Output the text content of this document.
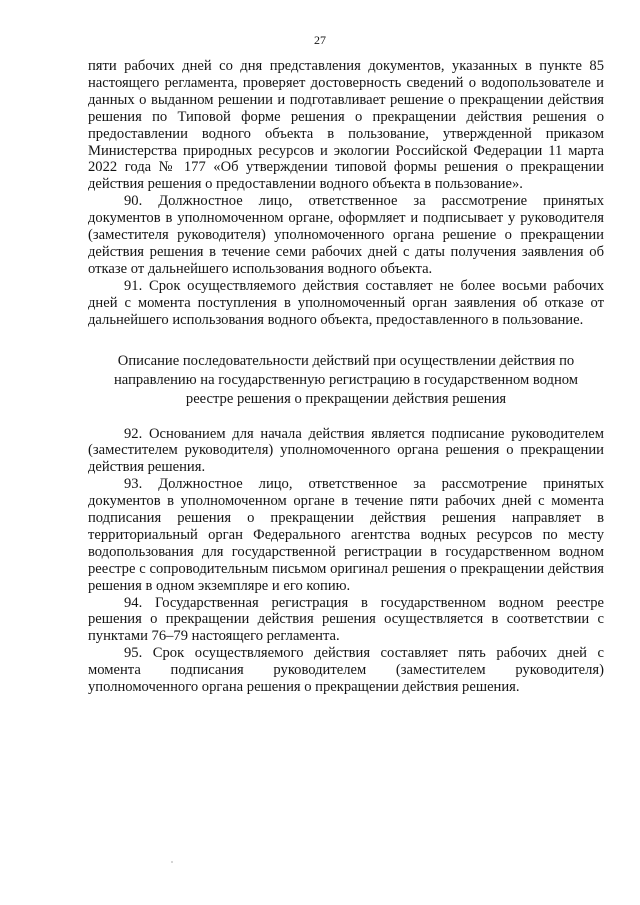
27

пяти рабочих дней со дня представления документов, указанных в пункте 85 настоящего регламента, проверяет достоверность сведений о водопользователе и данных о выданном решении и подготавливает решение о прекращении действия решения по Типовой форме решения о прекращении действия решения о предоставлении водного объекта в пользование, утвержденной приказом Министерства природных ресурсов и экологии Российской Федерации 11 марта 2022 года № 177 «Об утверждении типовой формы решения о прекращении действия решения о предоставлении водного объекта в пользование».

90. Должностное лицо, ответственное за рассмотрение принятых документов в уполномоченном органе, оформляет и подписывает у руководителя (заместителя руководителя) уполномоченного органа решение о прекращении действия решения в течение семи рабочих дней с даты получения заявления об отказе от дальнейшего использования водного объекта.

91. Срок осуществляемого действия составляет не более восьми рабочих дней с момента поступления в уполномоченный орган заявления об отказе от дальнейшего использования водного объекта, предоставленного в пользование.

Описание последовательности действий при осуществлении действия по направлению на государственную регистрацию в государственном водном реестре решения о прекращении действия решения

92. Основанием для начала действия является подписание руководителем (заместителем руководителя) уполномоченного органа решения о прекращении действия решения.

93. Должностное лицо, ответственное за рассмотрение принятых документов в уполномоченном органе в течение пяти рабочих дней с момента подписания решения о прекращении действия решения направляет в территориальный орган Федерального агентства водных ресурсов по месту водопользования для государственной регистрации в государственном водном реестре с сопроводительным письмом оригинал решения о прекращении действия решения в одном экземпляре и его копию.

94. Государственная регистрация в государственном водном реестре решения о прекращении действия решения осуществляется в соответствии с пунктами 76–79 настоящего регламента.

95. Срок осуществляемого действия составляет пять рабочих дней с момента подписания руководителем (заместителем руководителя) уполномоченного органа решения о прекращении действия решения.
